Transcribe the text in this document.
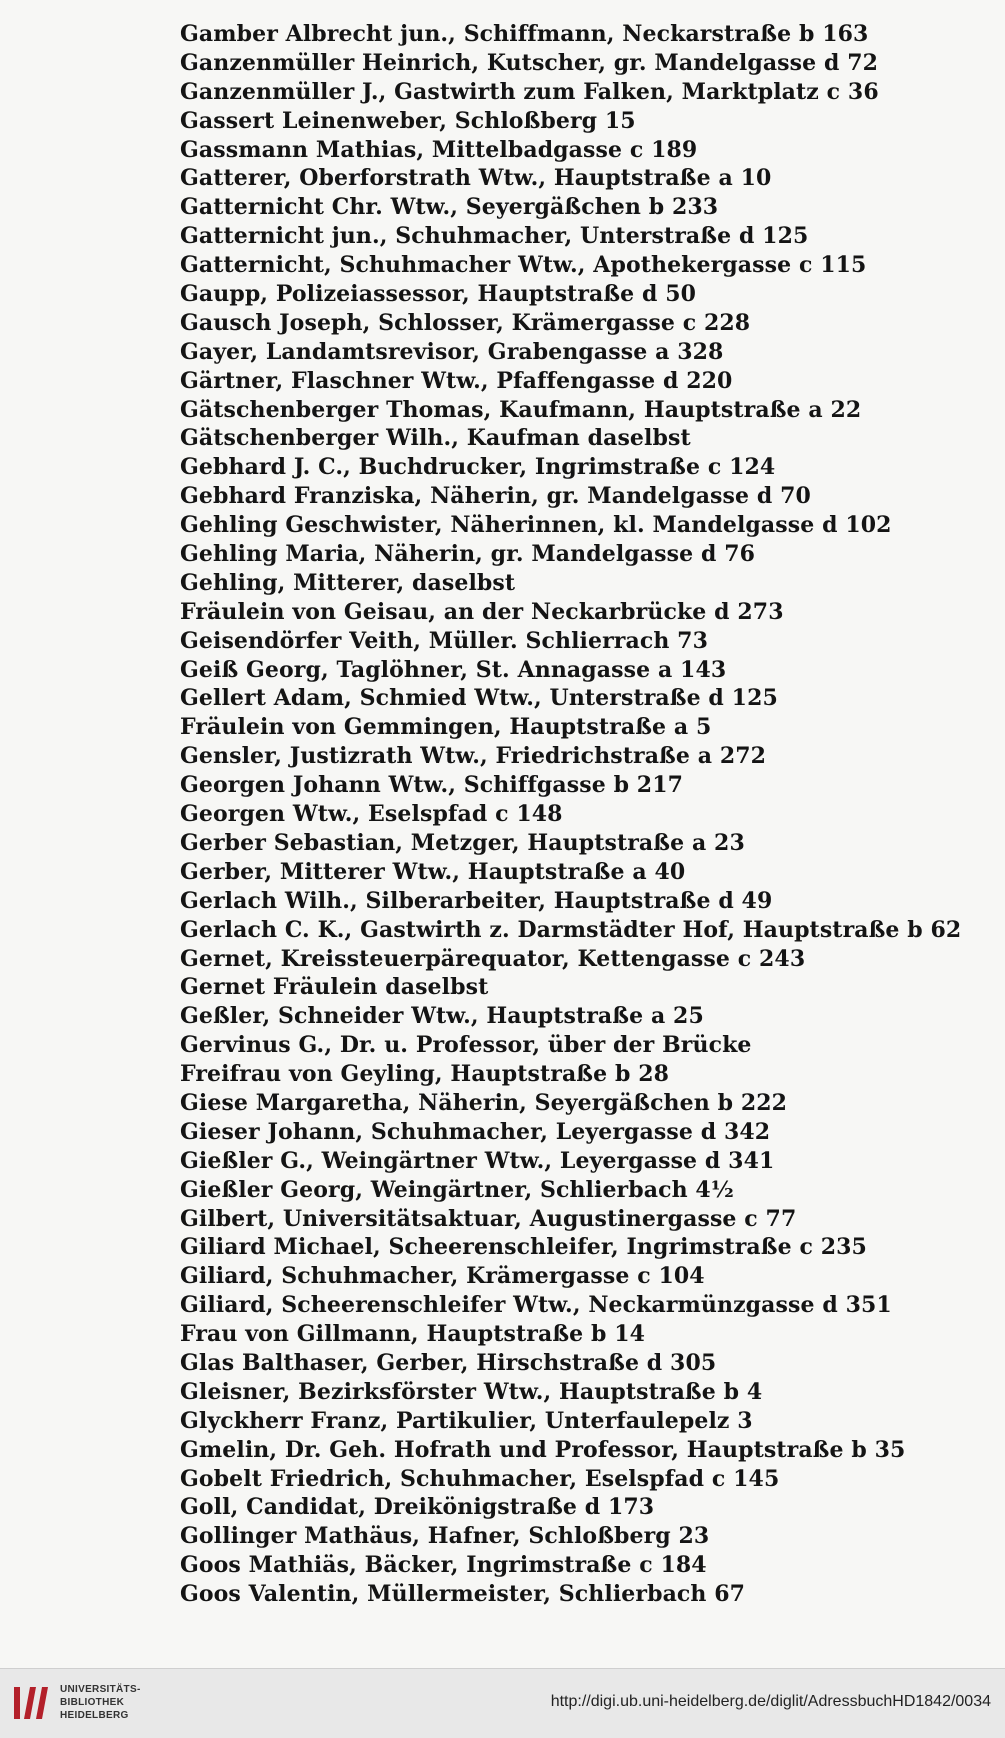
Gamber Albrecht jun., Schiffmann, Neckarstraße b 163
Ganzenmüller Heinrich, Kutscher, gr. Mandelgasse d 72
Ganzenmüller J., Gastwirth zum Falken, Marktplatz c 36
Gassert Leinenweber, Schloßberg 15
Gassmann Mathias, Mittelbadgasse c 189
Gatterer, Oberforstrath Wtw., Hauptstraße a 10
Gatternicht Chr. Wtw., Seyergäßchen b 233
Gatternicht jun., Schuhmacher, Unterstraße d 125
Gatternicht, Schuhmacher Wtw., Apothekergasse c 115
Gaupp, Polizeiassessor, Hauptstraße d 50
Gausch Joseph, Schlosser, Krämergasse c 228
Gayer, Landamtsrevisor, Grabengasse a 328
Gärtner, Flaschner Wtw., Pfaffengasse d 220
Gätschenberger Thomas, Kaufmann, Hauptstraße a 22
Gätschenberger Wilh., Kaufman daselbst
Gebhard J. C., Buchdrucker, Ingrimstraße c 124
Gebhard Franziska, Näherin, gr. Mandelgasse d 70
Gehling Geschwister, Näherinnen, kl. Mandelgasse d 102
Gehling Maria, Näherin, gr. Mandelgasse d 76
Gehling, Mitterer, daselbst
Fräulein von Geisau, an der Neckarbrücke d 273
Geisendörfer Veith, Müller. Schlierrach 73
Geiß Georg, Taglöhner, St. Annagasse a 143
Gellert Adam, Schmied Wtw., Unterstraße d 125
Fräulein von Gemmingen, Hauptstraße a 5
Gensler, Justizrath Wtw., Friedrichstraße a 272
Georgen Johann Wtw., Schiffgasse b 217
Georgen Wtw., Eselspfad c 148
Gerber Sebastian, Metzger, Hauptstraße a 23
Gerber, Mitterer Wtw., Hauptstraße a 40
Gerlach Wilh., Silberarbeiter, Hauptstraße d 49
Gerlach C. K., Gastwirth z. Darmstädter Hof, Hauptstraße b 62
Gernet, Kreissteuerpärequator, Kettengasse c 243
Gernet Fräulein daselbst
Geßler, Schneider Wtw., Hauptstraße a 25
Gervinus G., Dr. u. Professor, über der Brücke
Freifrau von Geyling, Hauptstraße b 28
Giese Margaretha, Näherin, Seyergäßchen b 222
Gieser Johann, Schuhmacher, Leyergasse d 342
Gießler G., Weingärtner Wtw., Leyergasse d 341
Gießler Georg, Weingärtner, Schlierbach 4½
Gilbert, Universitätsaktuar, Augustinergasse c 77
Giliard Michael, Scheerenschleifer, Ingrimstraße c 235
Giliard, Schuhmacher, Krämergasse c 104
Giliard, Scheerenschleifer Wtw., Neckarmünzgasse d 351
Frau von Gillmann, Hauptstraße b 14
Glas Balthaser, Gerber, Hirschstraße d 305
Gleisner, Bezirksförster Wtw., Hauptstraße b 4
Glyckherr Franz, Partikulier, Unterfaulepelz 3
Gmelin, Dr. Geh. Hofrath und Professor, Hauptstraße b 35
Gobelt Friedrich, Schuhmacher, Eselspfad c 145
Goll, Candidat, Dreikönigstraße d 173
Gollinger Mathäus, Hafner, Schloßberg 23
Goos Mathiäs, Bäcker, Ingrimstraße c 184
Goos Valentin, Müllermeister, Schlierbach 67
UNIVERSITÄTS-
BIBLIOTHEK
HEIDELBERG
http://digi.ub.uni-heidelberg.de/diglit/AdressbuchHD1842/0034
